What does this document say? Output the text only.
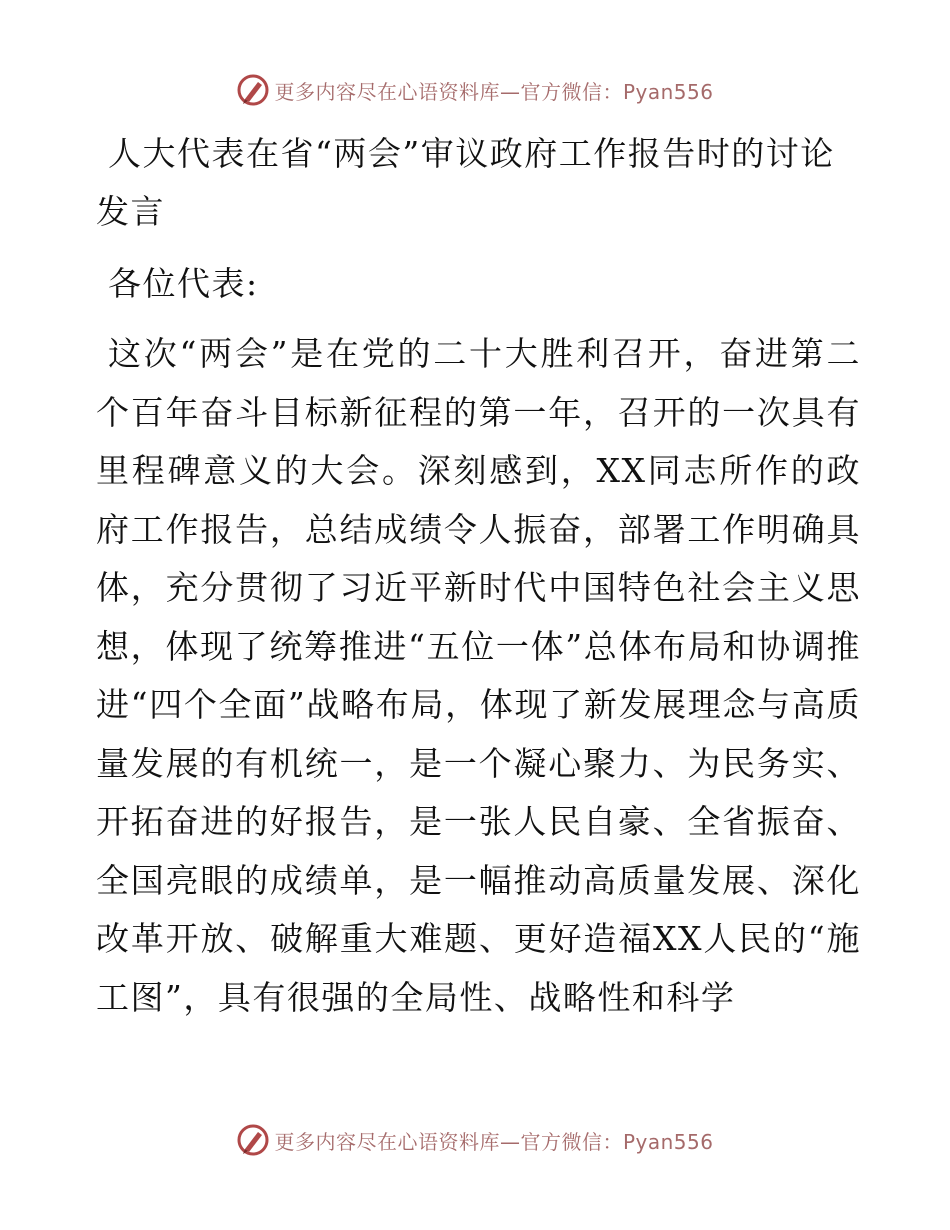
更多内容尽在心语资料库—官方微信：Pyan556
人大代表在省“两会”审议政府工作报告时的讨论发言

各位代表:

这次“两会”是在党的二十大胜利召开，奋进第二个百年奋斗目标新征程的第一年，召开的一次具有里程碑意义的大会。深刻感到，XX同志所作的政府工作报告，总结成绩令人振奋，部署工作明确具体，充分贯彻了习近平新时代中国特色社会主义思想，体现了统筹推进“五位一体”总体布局和协调推进“四个全面”战略布局，体现了新发展理念与高质量发展的有机统一，是一个凝心聚力、为民务实、开拓奋进的好报告，是一张人民自豪、全省振奋、全国亮眼的成绩单，是一幅推动高质量发展、深化改革开放、破解重大难题、更好造福XX人民的“施工图”，具有很强的全局性、战略性和科学

更多内容尽在心语资料库—官方微信：Pyan556
